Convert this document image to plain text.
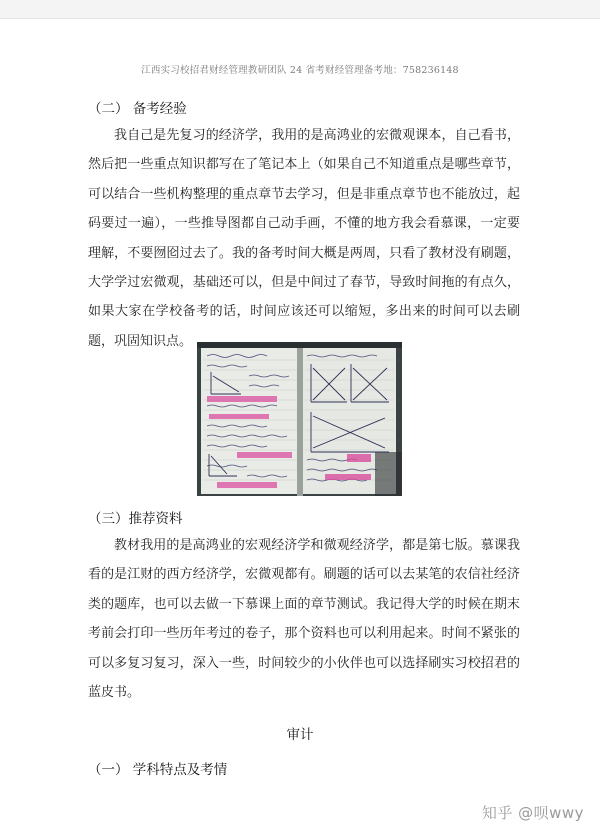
江西实习校招君财经管理教研团队 24 省考财经管理备考地：758236148
（二） 备考经验

我自己是先复习的经济学，我用的是高鸿业的宏微观课本，自己看书，然后把一些重点知识都写在了笔记本上（如果自己不知道重点是哪些章节，可以结合一些机构整理的重点章节去学习，但是非重点章节也不能放过，起码要过一遍），一些推导图都自己动手画，不懂的地方我会看慕课，一定要理解，不要囫囵过去了。我的备考时间大概是两周，只看了教材没有刷题，大学学过宏微观，基础还可以，但是中间过了春节，导致时间拖的有点久，如果大家在学校备考的话，时间应该还可以缩短，多出来的时间可以去刷题，巩固知识点。

（三）推荐资料

教材我用的是高鸿业的宏观经济学和微观经济学，都是第七版。慕课我看的是江财的西方经济学，宏微观都有。刷题的话可以去某笔的农信社经济类的题库，也可以去做一下慕课上面的章节测试。我记得大学的时候在期末考前会打印一些历年考过的卷子，那个资料也可以利用起来。时间不紧张的可以多复习复习，深入一些，时间较少的小伙伴也可以选择刷实习校招君的蓝皮书。

审计
（一） 学科特点及考情
知乎 @呗wwy
